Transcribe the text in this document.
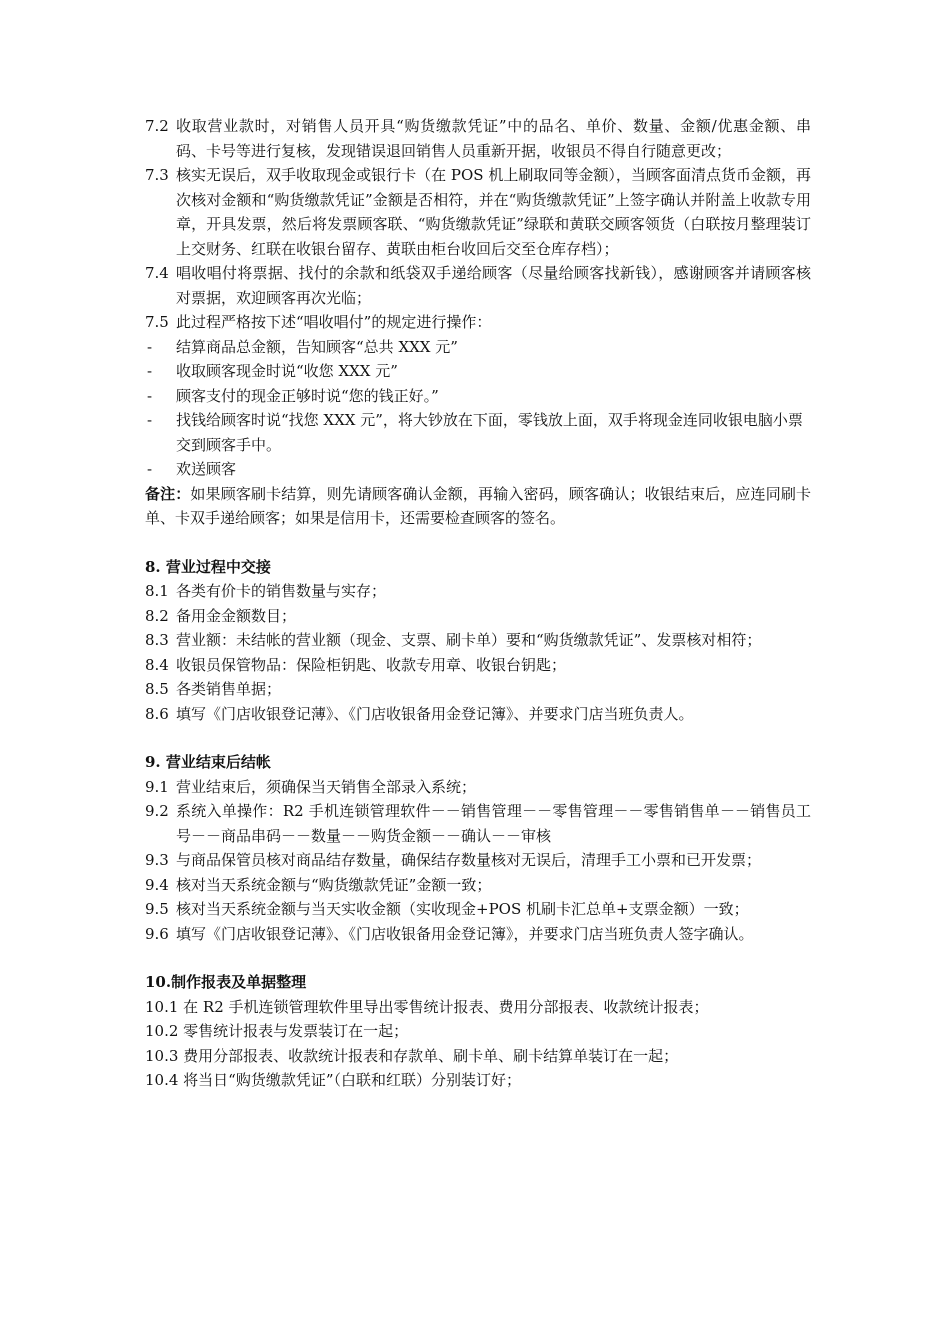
7.2 收取营业款时，对销售人员开具“购货缴款凭证”中的品名、单价、数量、金额/优惠金额、串码、卡号等进行复核，发现错误退回销售人员重新开据，收银员不得自行随意更改；
7.3 核实无误后，双手收取现金或银行卡（在 POS 机上刷取同等金额），当顾客面清点货币金额，再次核对金额和“购货缴款凭证”金额是否相符，并在“购货缴款凭证”上签字确认并附盖上收款专用章，开具发票，然后将发票顾客联、“购货缴款凭证”绿联和黄联交顾客领货（白联按月整理装订上交财务、红联在收银台留存、黄联由柜台收回后交至仓库存档）；
7.4 唱收唱付将票据、找付的余款和纸袋双手递给顾客（尽量给顾客找新钱），感谢顾客并请顾客核对票据，欢迎顾客再次光临；
7.5 此过程严格按下述“唱收唱付”的规定进行操作：
- 结算商品总金额，告知顾客“总共 XXX 元”
- 收取顾客现金时说“收您 XXX 元”
- 顾客支付的现金正够时说“您的钱正好。”
- 找钱给顾客时说“找您 XXX 元”，将大钞放在下面，零钱放上面，双手将现金连同收银电脑小票交到顾客手中。
- 欢送顾客
备注：如果顾客刷卡结算，则先请顾客确认金额，再输入密码，顾客确认；收银结束后，应连同刷卡单、卡双手递给顾客；如果是信用卡，还需要检查顾客的签名。
8. 营业过程中交接
8.1 各类有价卡的销售数量与实存；
8.2 备用金金额数目；
8.3 营业额：未结帐的营业额（现金、支票、刷卡单）要和“购货缴款凭证”、发票核对相符；
8.4 收银员保管物品：保险柜钥匙、收款专用章、收银台钥匙；
8.5 各类销售单据；
8.6 填写《门店收银登记薄》、《门店收银备用金登记簿》、并要求门店当班负责人。
9. 营业结束后结帐
9.1 营业结束后，须确保当天销售全部录入系统；
9.2 系统入单操作：R2 手机连锁管理软件－－销售管理－－零售管理－－零售销售单－－销售员工号－－商品串码－－数量－－购货金额－－确认－－审核
9.3 与商品保管员核对商品结存数量，确保结存数量核对无误后，清理手工小票和已开发票；
9.4 核对当天系统金额与“购货缴款凭证”金额一致；
9.5 核对当天系统金额与当天实收金额（实收现金+POS 机刷卡汇总单+支票金额）一致；
9.6 填写《门店收银登记薄》、《门店收银备用金登记簿》，并要求门店当班负责人签字确认。
10.制作报表及单据整理
10.1 在 R2 手机连锁管理软件里导出零售统计报表、费用分部报表、收款统计报表；
10.2 零售统计报表与发票装订在一起；
10.3 费用分部报表、收款统计报表和存款单、刷卡单、刷卡结算单装订在一起；
10.4 将当日“购货缴款凭证”（白联和红联）分别装订好；
